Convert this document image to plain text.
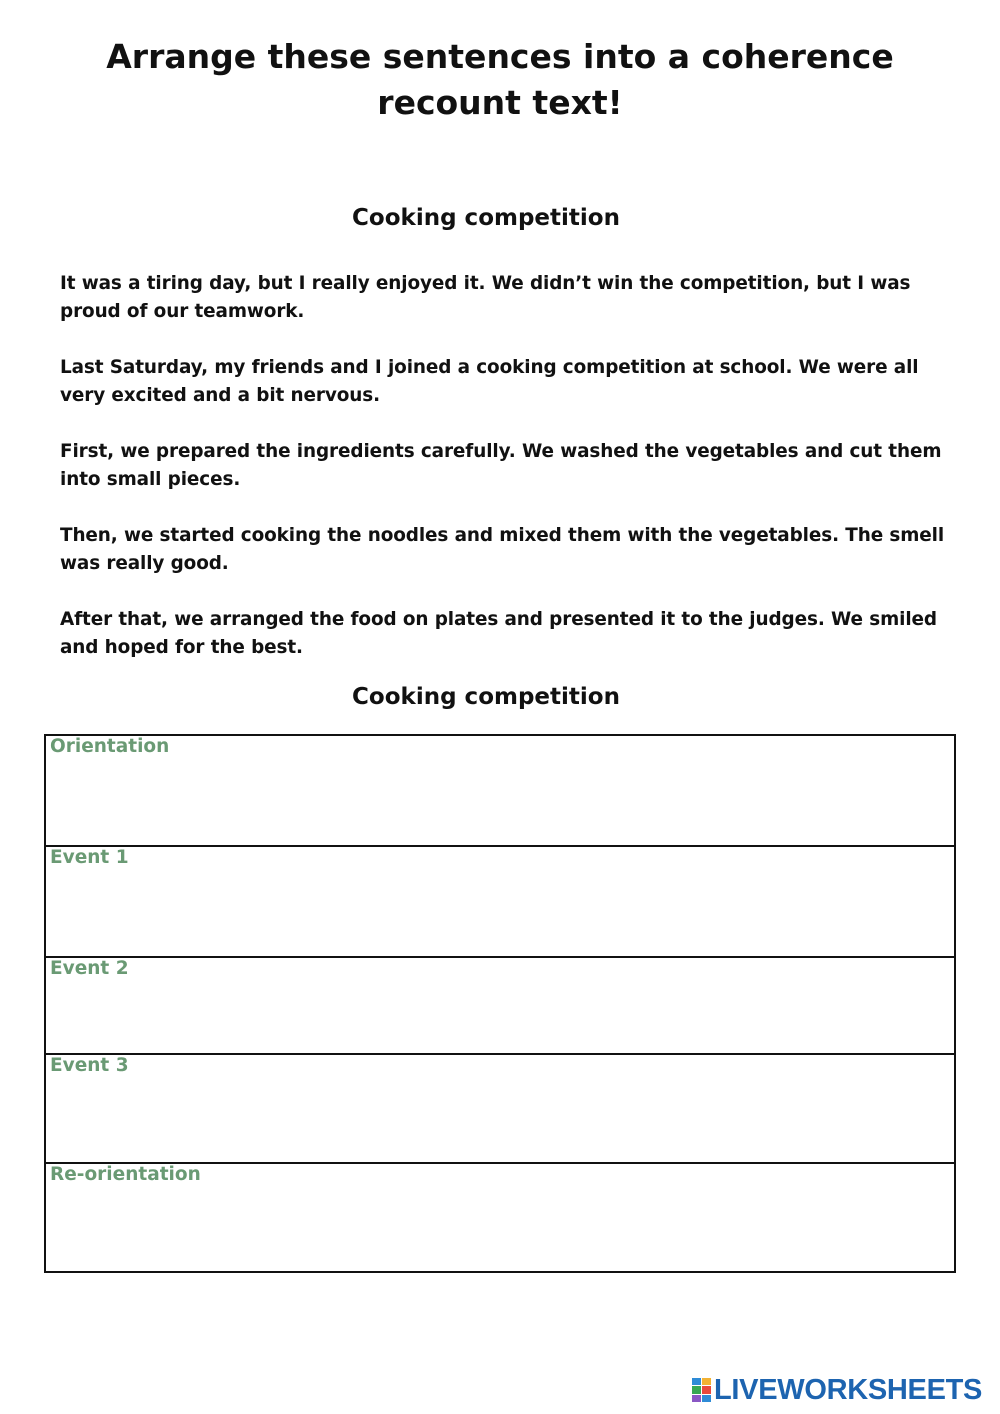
Arrange these sentences into a coherence
recount text!
Cooking competition

It was a tiring day, but I really enjoyed it. We didn’t win the competition, but I was proud of our teamwork.

Last Saturday, my friends and I joined a cooking competition at school. We were all very excited and a bit nervous.

First, we prepared the ingredients carefully. We washed the vegetables and cut them into small pieces.

Then, we started cooking the noodles and mixed them with the vegetables. The smell was really good.

After that, we arranged the food on plates and presented it to the judges. We smiled and hoped for the best.

Cooking competition
Orientation
Event 1
Event 2
Event 3
Re-orientation
LIVEWORKSHEETS
